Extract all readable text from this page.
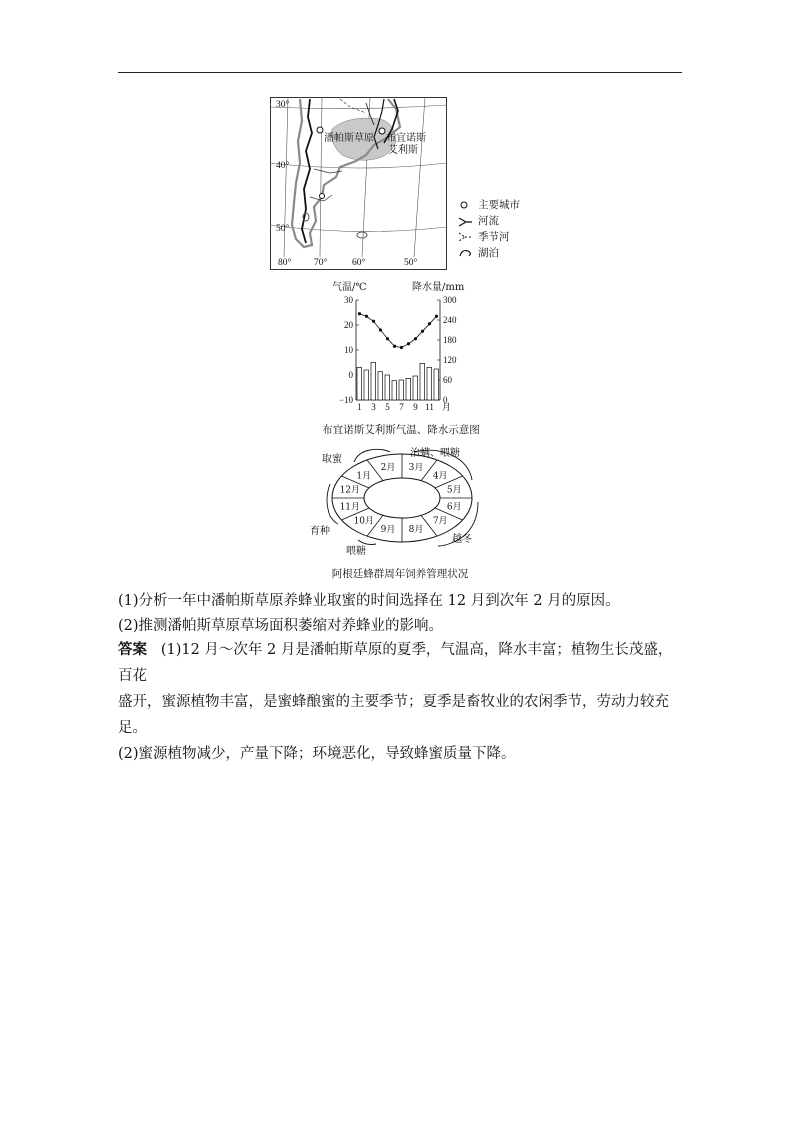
30°
40°
50°
80° 70°	60°	50°
潘帕斯草原 布宜诺斯
艾利斯
主要城市
河流
季节河
湖泊
气温/℃	降水量/mm
30
20
10
0
−10
300
240
180
120
60
0
1 3 5 7 9 11 月
布宜诺斯艾利斯气温、降水示意图
1月
2月 3月
4月
5月
6月
7月
8月
9月
10月
11月
12月
取蜜
治螨、喂糖
越冬
喂糖
育种
阿根廷蜂群周年饲养管理状况
(1)分析一年中潘帕斯草原养蜂业取蜜的时间选择在 12 月到次年 2 月的原因。
(2)推测潘帕斯草原草场面积萎缩对养蜂业的影响。
答案 (1)12 月～次年 2 月是潘帕斯草原的夏季，气温高，降水丰富；植物生长茂盛，百花
盛开，蜜源植物丰富，是蜜蜂酿蜜的主要季节；夏季是畜牧业的农闲季节，劳动力较充足。
(2)蜜源植物减少，产量下降；环境恶化，导致蜂蜜质量下降。
